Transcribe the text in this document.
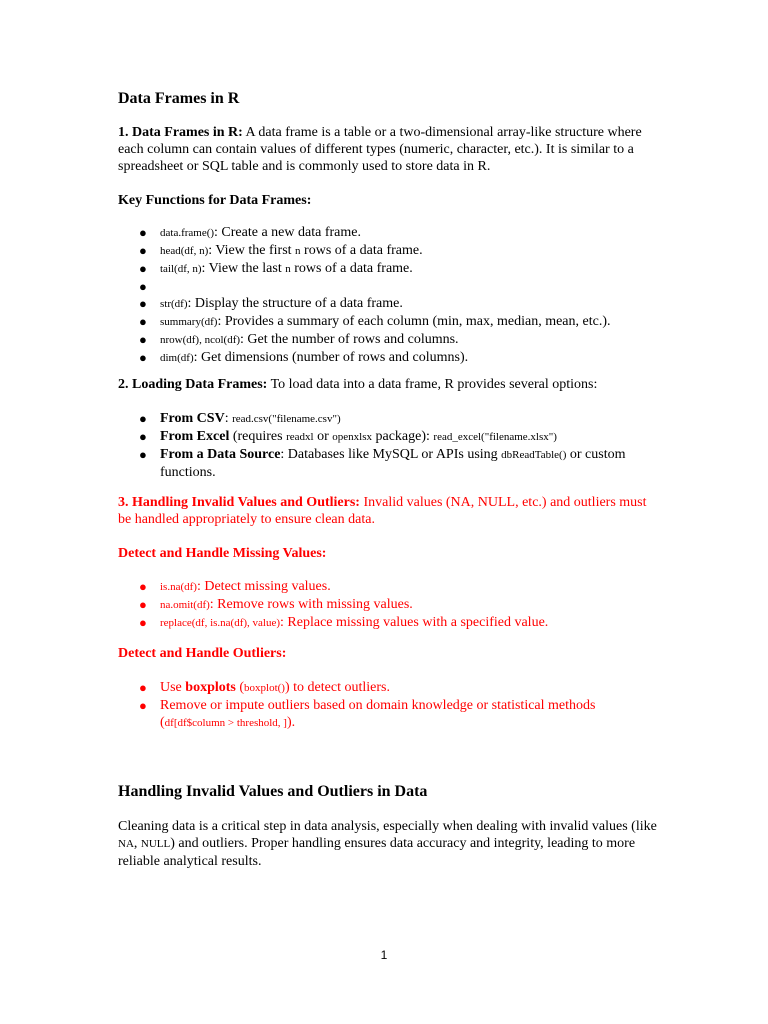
Data Frames in R

1. Data Frames in R: A data frame is a table or a two-dimensional array-like structure where each column can contain values of different types (numeric, character, etc.). It is similar to a spreadsheet or SQL table and is commonly used to store data in R.

Key Functions for Data Frames:
● data.frame(): Create a new data frame.
● head(df, n): View the first n rows of a data frame.
● tail(df, n): View the last n rows of a data frame.
●
● str(df): Display the structure of a data frame.
● summary(df): Provides a summary of each column (min, max, median, mean, etc.).
● nrow(df), ncol(df): Get the number of rows and columns.
● dim(df): Get dimensions (number of rows and columns).

2. Loading Data Frames: To load data into a data frame, R provides several options:

● From CSV: read.csv("filename.csv")
● From Excel (requires readxl or openxlsx package): read_excel("filename.xlsx")
● From a Data Source: Databases like MySQL or APIs using dbReadTable() or custom functions.

3. Handling Invalid Values and Outliers: Invalid values (NA, NULL, etc.) and outliers must be handled appropriately to ensure clean data.

Detect and Handle Missing Values:
● is.na(df): Detect missing values.
● na.omit(df): Remove rows with missing values.
● replace(df, is.na(df), value): Replace missing values with a specified value.
Detect and Handle Outliers:
● Use boxplots (boxplot()) to detect outliers.
● Remove or impute outliers based on domain knowledge or statistical methods (df[df$column > threshold, ]).
Handling Invalid Values and Outliers in Data

Cleaning data is a critical step in data analysis, especially when dealing with invalid values (like NA, NULL) and outliers. Proper handling ensures data accuracy and integrity, leading to more reliable analytical results.

1
